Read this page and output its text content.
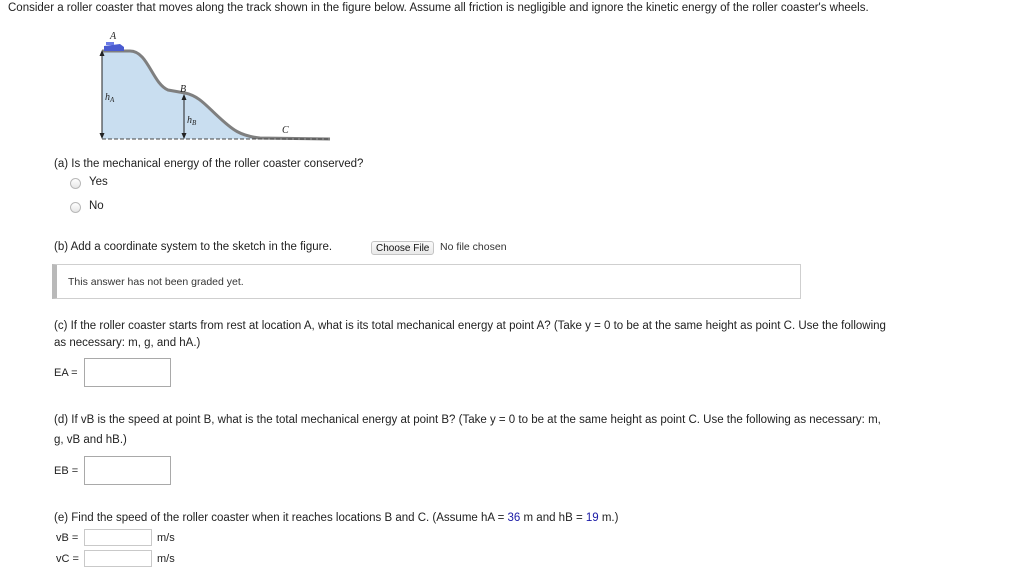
Consider a roller coaster that moves along the track shown in the figure below. Assume all friction is negligible and ignore the kinetic energy of the roller coaster's wheels.
A
B
C
$h_A$
$h_B$
(a) Is the mechanical energy of the roller coaster conserved?
Yes
No
(b) Add a coordinate system to the sketch in the figure.	Choose File	No file chosen
This answer has not been graded yet.
(c) If the roller coaster starts from rest at location A, what is its total mechanical energy at point A? (Take y = 0 to be at the same height as point C. Use the following
as necessary: m, g, and hA.)
EA =
(d) If vB is the speed at point B, what is the total mechanical energy at point B? (Take y = 0 to be at the same height as point C. Use the following as necessary: m,
g, vB and hB.)
EB =
(e) Find the speed of the roller coaster when it reaches locations B and C. (Assume hA = 36 m and hB = 19 m.)
vB =	m/s
vC =	m/s
